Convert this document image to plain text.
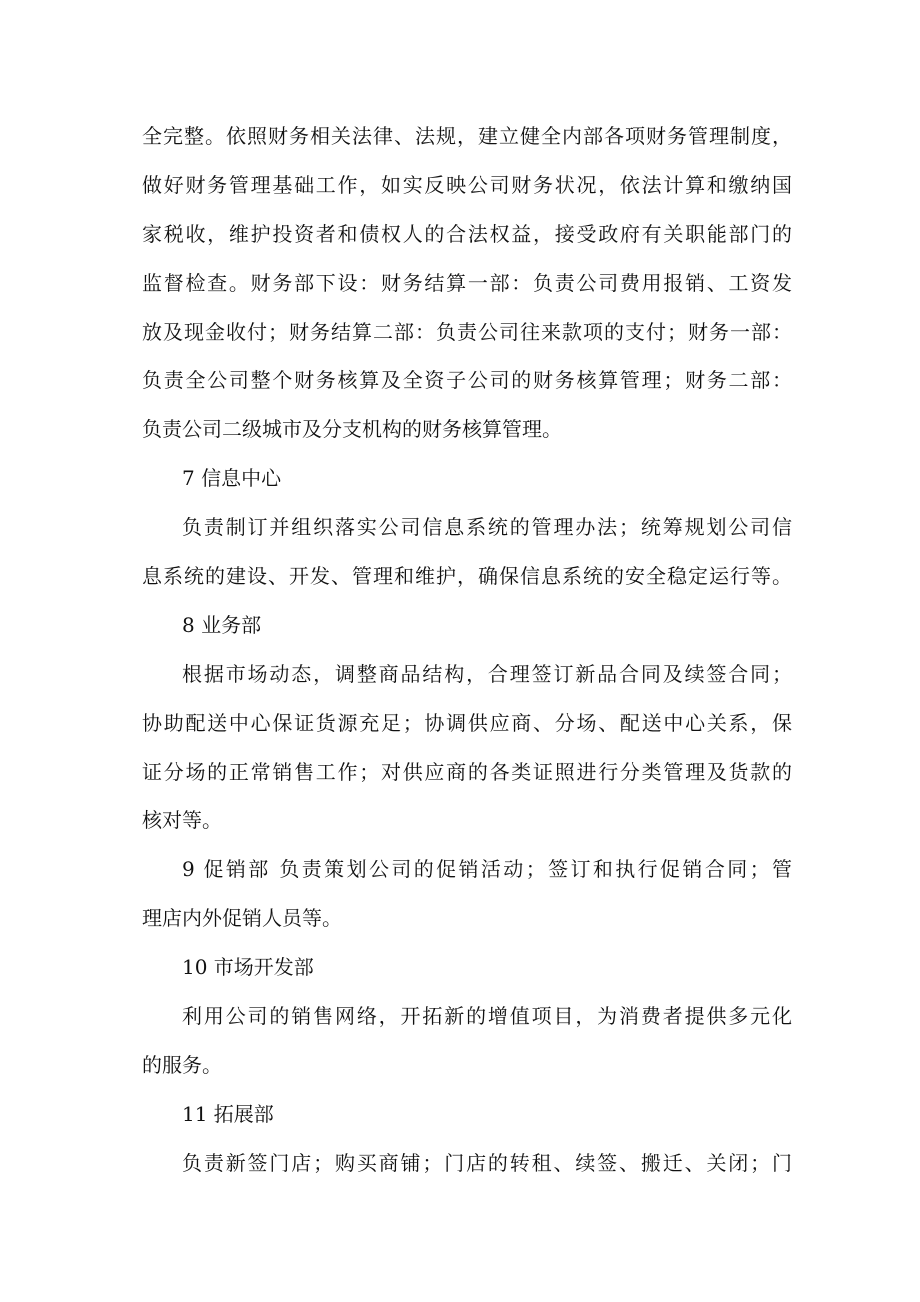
全完整。依照财务相关法律、法规，建立健全内部各项财务管理制度，
做好财务管理基础工作，如实反映公司财务状况，依法计算和缴纳国
家税收，维护投资者和债权人的合法权益，接受政府有关职能部门的
监督检查。财务部下设：财务结算一部：负责公司费用报销、工资发
放及现金收付；财务结算二部：负责公司往来款项的支付；财务一部：
负责全公司整个财务核算及全资子公司的财务核算管理；财务二部：
负责公司二级城市及分支机构的财务核算管理。
7 信息中心
负责制订并组织落实公司信息系统的管理办法；统筹规划公司信
息系统的建设、开发、管理和维护，确保信息系统的安全稳定运行等。
8 业务部
根据市场动态，调整商品结构，合理签订新品合同及续签合同；
协助配送中心保证货源充足；协调供应商、分场、配送中心关系，保
证分场的正常销售工作；对供应商的各类证照进行分类管理及货款的
核对等。
9 促销部 负责策划公司的促销活动；签订和执行促销合同；管
理店内外促销人员等。
10 市场开发部
利用公司的销售网络，开拓新的增值项目，为消费者提供多元化
的服务。
11 拓展部
负责新签门店；购买商铺；门店的转租、续签、搬迁、关闭；门
